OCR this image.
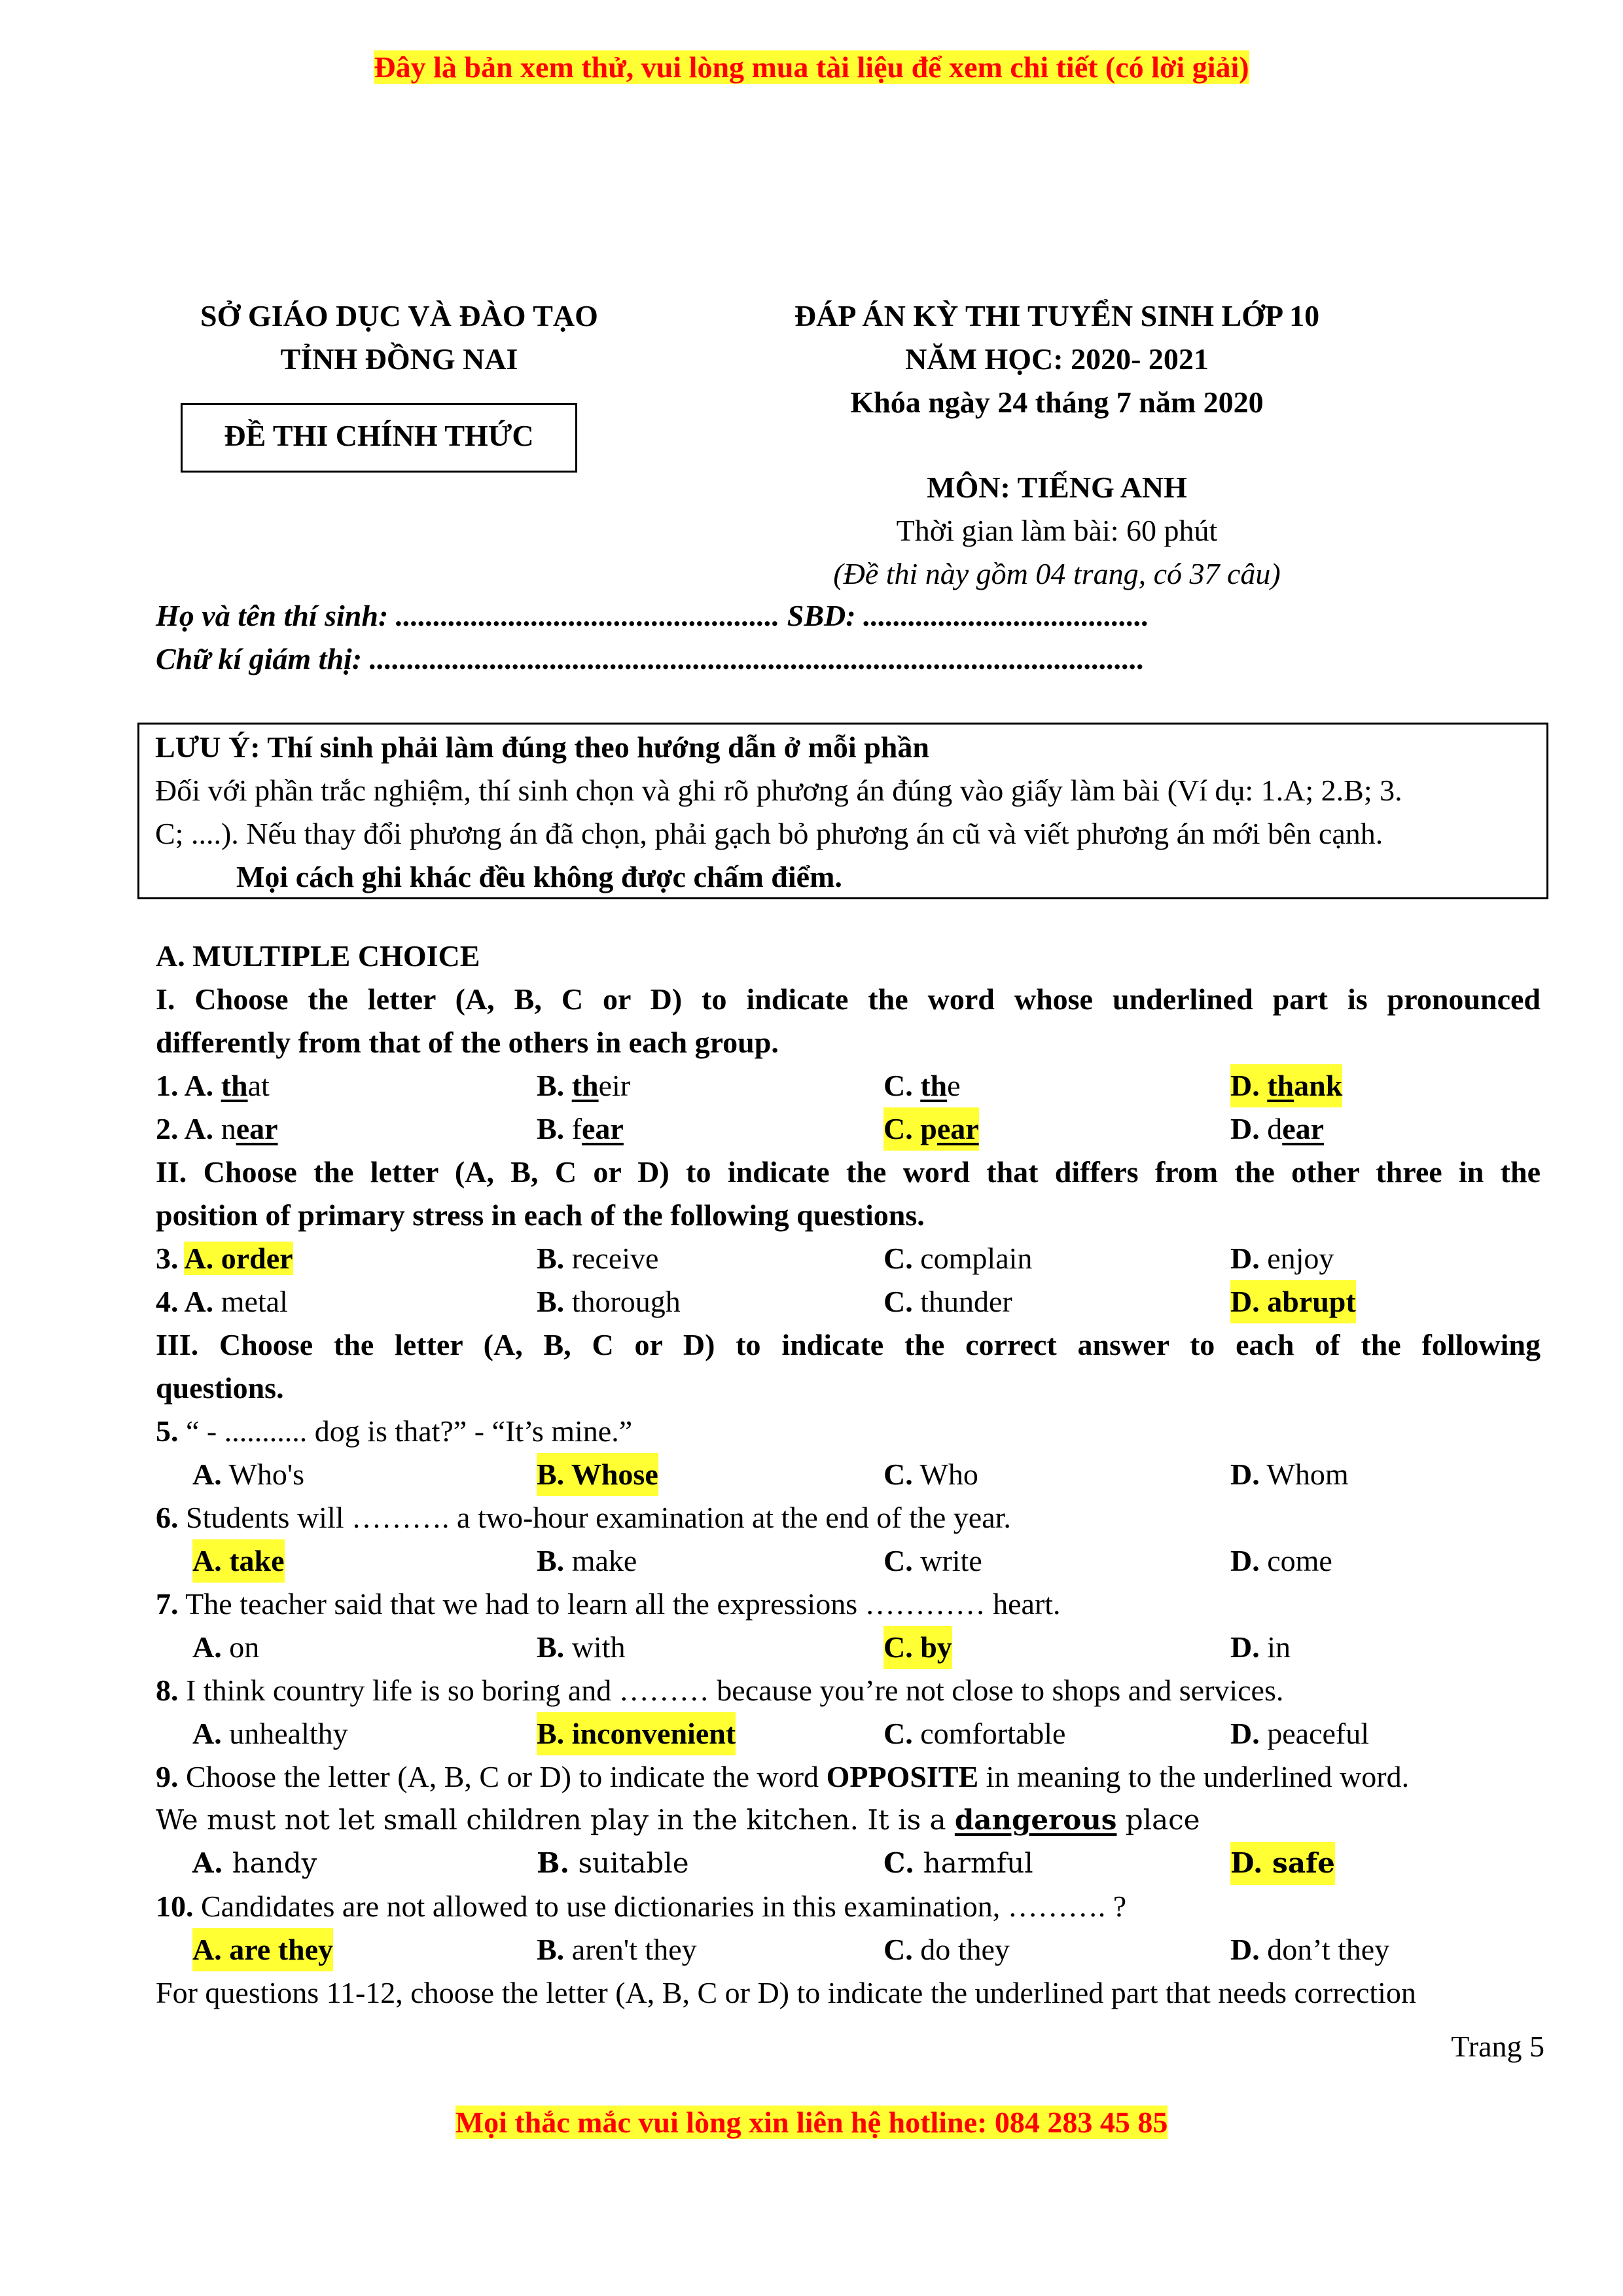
Đây là bản xem thử, vui lòng mua tài liệu để xem chi tiết (có lời giải)
SỞ GIÁO DỤC VÀ ĐÀO TẠO
TỈNH ĐỒNG NAI
ĐỀ THI CHÍNH THỨC
ĐÁP ÁN KỲ THI TUYỂN SINH LỚP 10
NĂM HỌC: 2020- 2021
Khóa ngày 24 tháng 7 năm 2020
MÔN: TIẾNG ANH
Thời gian làm bài: 60 phút
(Đề thi này gồm 04 trang, có 37 câu)
Họ và tên thí sinh: ................................................... SBD: ......................................
Chữ kí giám thị: .......................................................................................................
LƯU Ý: Thí sinh phải làm đúng theo hướng dẫn ở mỗi phần
Đối với phần trắc nghiệm, thí sinh chọn và ghi rõ phương án đúng vào giấy làm bài (Ví dụ: 1.A; 2.B; 3.
C; ....). Nếu thay đổi phương án đã chọn, phải gạch bỏ phương án cũ và viết phương án mới bên cạnh.
Mọi cách ghi khác đều không được chấm điểm.
A. MULTIPLE CHOICE
I. Choose the letter (A, B, C or D) to indicate the word whose underlined part is pronounced
differently from that of the others in each group.
1. A. that	B. their	C. the	D. thank
2. A. near	B. fear	C. pear	D. dear
II. Choose the letter (A, B, C or D) to indicate the word that differs from the other three in the
position of primary stress in each of the following questions.
3. A. order	B. receive	C. complain	D. enjoy
4. A. metal	B. thorough	C. thunder	D. abrupt
III. Choose the letter (A, B, C or D) to indicate the correct answer to each of the following
questions.
5. “ - ........... dog is that?” - “It’s mine.”
A. Who's	B. Whose	C. Who	D. Whom
6. Students will ………. a two-hour examination at the end of the year.
A. take	B. make	C. write	D. come
7. The teacher said that we had to learn all the expressions ………… heart.
A. on	B. with	C. by	D. in
8. I think country life is so boring and ……… because you’re not close to shops and services.
A. unhealthy	B. inconvenient	C. comfortable	D. peaceful
9. Choose the letter (A, B, C or D) to indicate the word OPPOSITE in meaning to the underlined word.
We must not let small children play in the kitchen. It is a dangerous place
A. handy	B. suitable	C. harmful	D. safe
10. Candidates are not allowed to use dictionaries in this examination, ………. ?
A. are they	B. aren't they	C. do they	D. don’t they
For questions 11-12, choose the letter (A, B, C or D) to indicate the underlined part that needs correction
Trang 5
Mọi thắc mắc vui lòng xin liên hệ hotline: 084 283 45 85
